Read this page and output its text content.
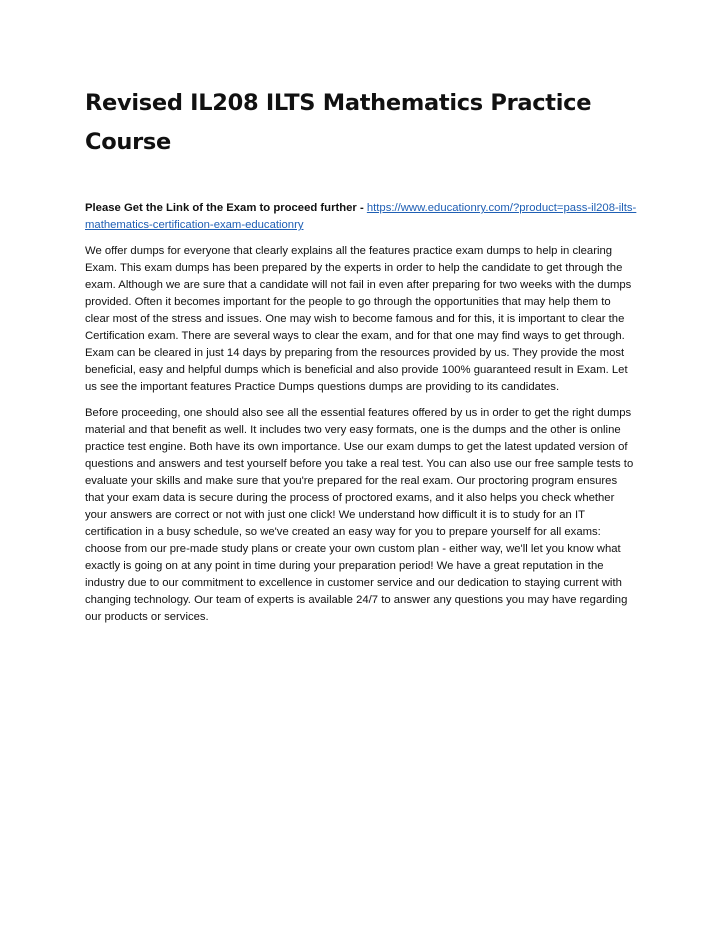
Revised IL208 ILTS Mathematics Practice Course

Please Get the Link of the Exam to proceed further - https://www.educationry.com/?product=pass-il208-ilts-mathematics-certification-exam-educationry

We offer dumps for everyone that clearly explains all the features practice exam dumps to help in clearing Exam. This exam dumps has been prepared by the experts in order to help the candidate to get through the exam. Although we are sure that a candidate will not fail in even after preparing for two weeks with the dumps provided. Often it becomes important for the people to go through the opportunities that may help them to clear most of the stress and issues. One may wish to become famous and for this, it is important to clear the Certification exam. There are several ways to clear the exam, and for that one may find ways to get through. Exam can be cleared in just 14 days by preparing from the resources provided by us. They provide the most beneficial, easy and helpful dumps which is beneficial and also provide 100% guaranteed result in Exam. Let us see the important features Practice Dumps questions dumps are providing to its candidates.

Before proceeding, one should also see all the essential features offered by us in order to get the right dumps material and that benefit as well. It includes two very easy formats, one is the dumps and the other is online practice test engine. Both have its own importance. Use our exam dumps to get the latest updated version of questions and answers and test yourself before you take a real test. You can also use our free sample tests to evaluate your skills and make sure that you're prepared for the real exam. Our proctoring program ensures that your exam data is secure during the process of proctored exams, and it also helps you check whether your answers are correct or not with just one click! We understand how difficult it is to study for an IT certification in a busy schedule, so we've created an easy way for you to prepare yourself for all exams: choose from our pre-made study plans or create your own custom plan - either way, we'll let you know what exactly is going on at any point in time during your preparation period! We have a great reputation in the industry due to our commitment to excellence in customer service and our dedication to staying current with changing technology. Our team of experts is available 24/7 to answer any questions you may have regarding our products or services.
